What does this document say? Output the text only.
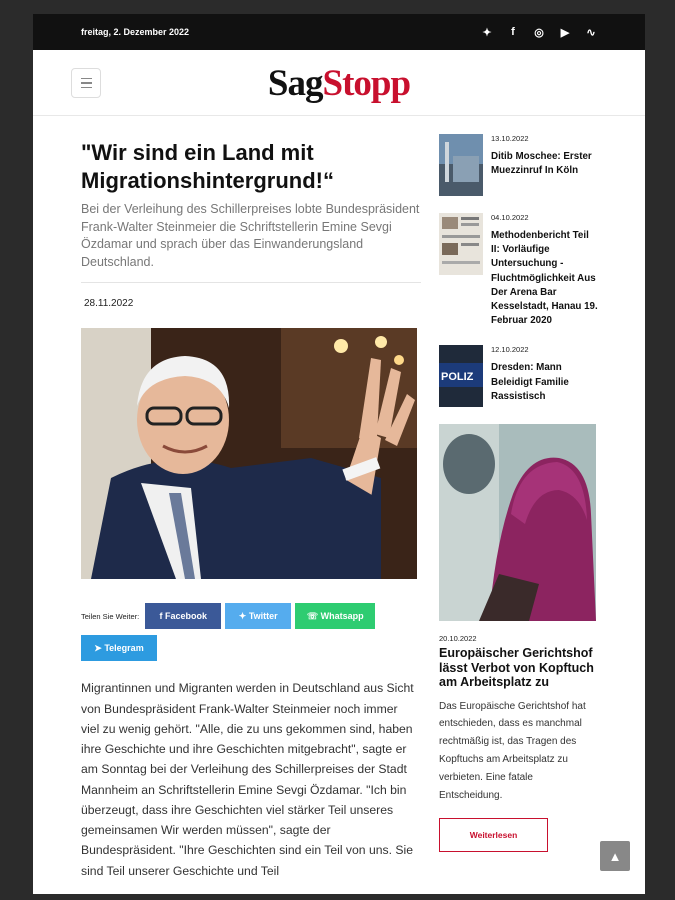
freitag, 2. Dezember 2022	✦	f	◎ ▶ ∿
SagStopp
"Wir sind ein Land mit Migrationshintergrund!“

Bei der Verleihung des Schillerpreises lobte Bundespräsident Frank-Walter Steinmeier die Schriftstellerin Emine Sevgi Özdamar und sprach über das Einwanderungsland Deutschland.

28.11.2022
Teilen Sie Weiter:	f Facebook	✦ Twitter	☏ Whatsapp
➤ Telegram

Migrantinnen und Migranten werden in Deutschland aus Sicht von Bundespräsident Frank-Walter Steinmeier noch immer viel zu wenig gehört. "Alle, die zu uns gekommen sind, haben ihre Geschichte und ihre Geschichten mitgebracht", sagte er am Sonntag bei der Verleihung des Schillerpreises der Stadt Mannheim an Schriftstellerin Emine Sevgi Özdamar. "Ich bin überzeugt, dass ihre Geschichten viel stärker Teil unseres gemeinsamen Wir werden müssen", sagte der Bundespräsident. "Ihre Geschichten sind ein Teil von uns. Sie sind Teil unserer Geschichte und Teil

13.10.2022
Ditib Moschee: Erster Muezzinruf In Köln
04.10.2022
Methodenbericht Teil II: Vorläufige Untersuchung - Fluchtmöglichkeit Aus Der Arena Bar Kesselstadt, Hanau 19. Februar 2020
POLIZ
12.10.2022
Dresden: Mann Beleidigt Familie Rassistisch
20.10.2022
Europäischer Gerichtshof lässt Verbot von Kopftuch am Arbeitsplatz zu

Das Europäische Gerichtshof hat entschieden, dass es manchmal rechtmäßig ist, das Tragen des Kopftuchs am Arbeitsplatz zu verbieten. Eine fatale Entscheidung.

Weiterlesen
▲
